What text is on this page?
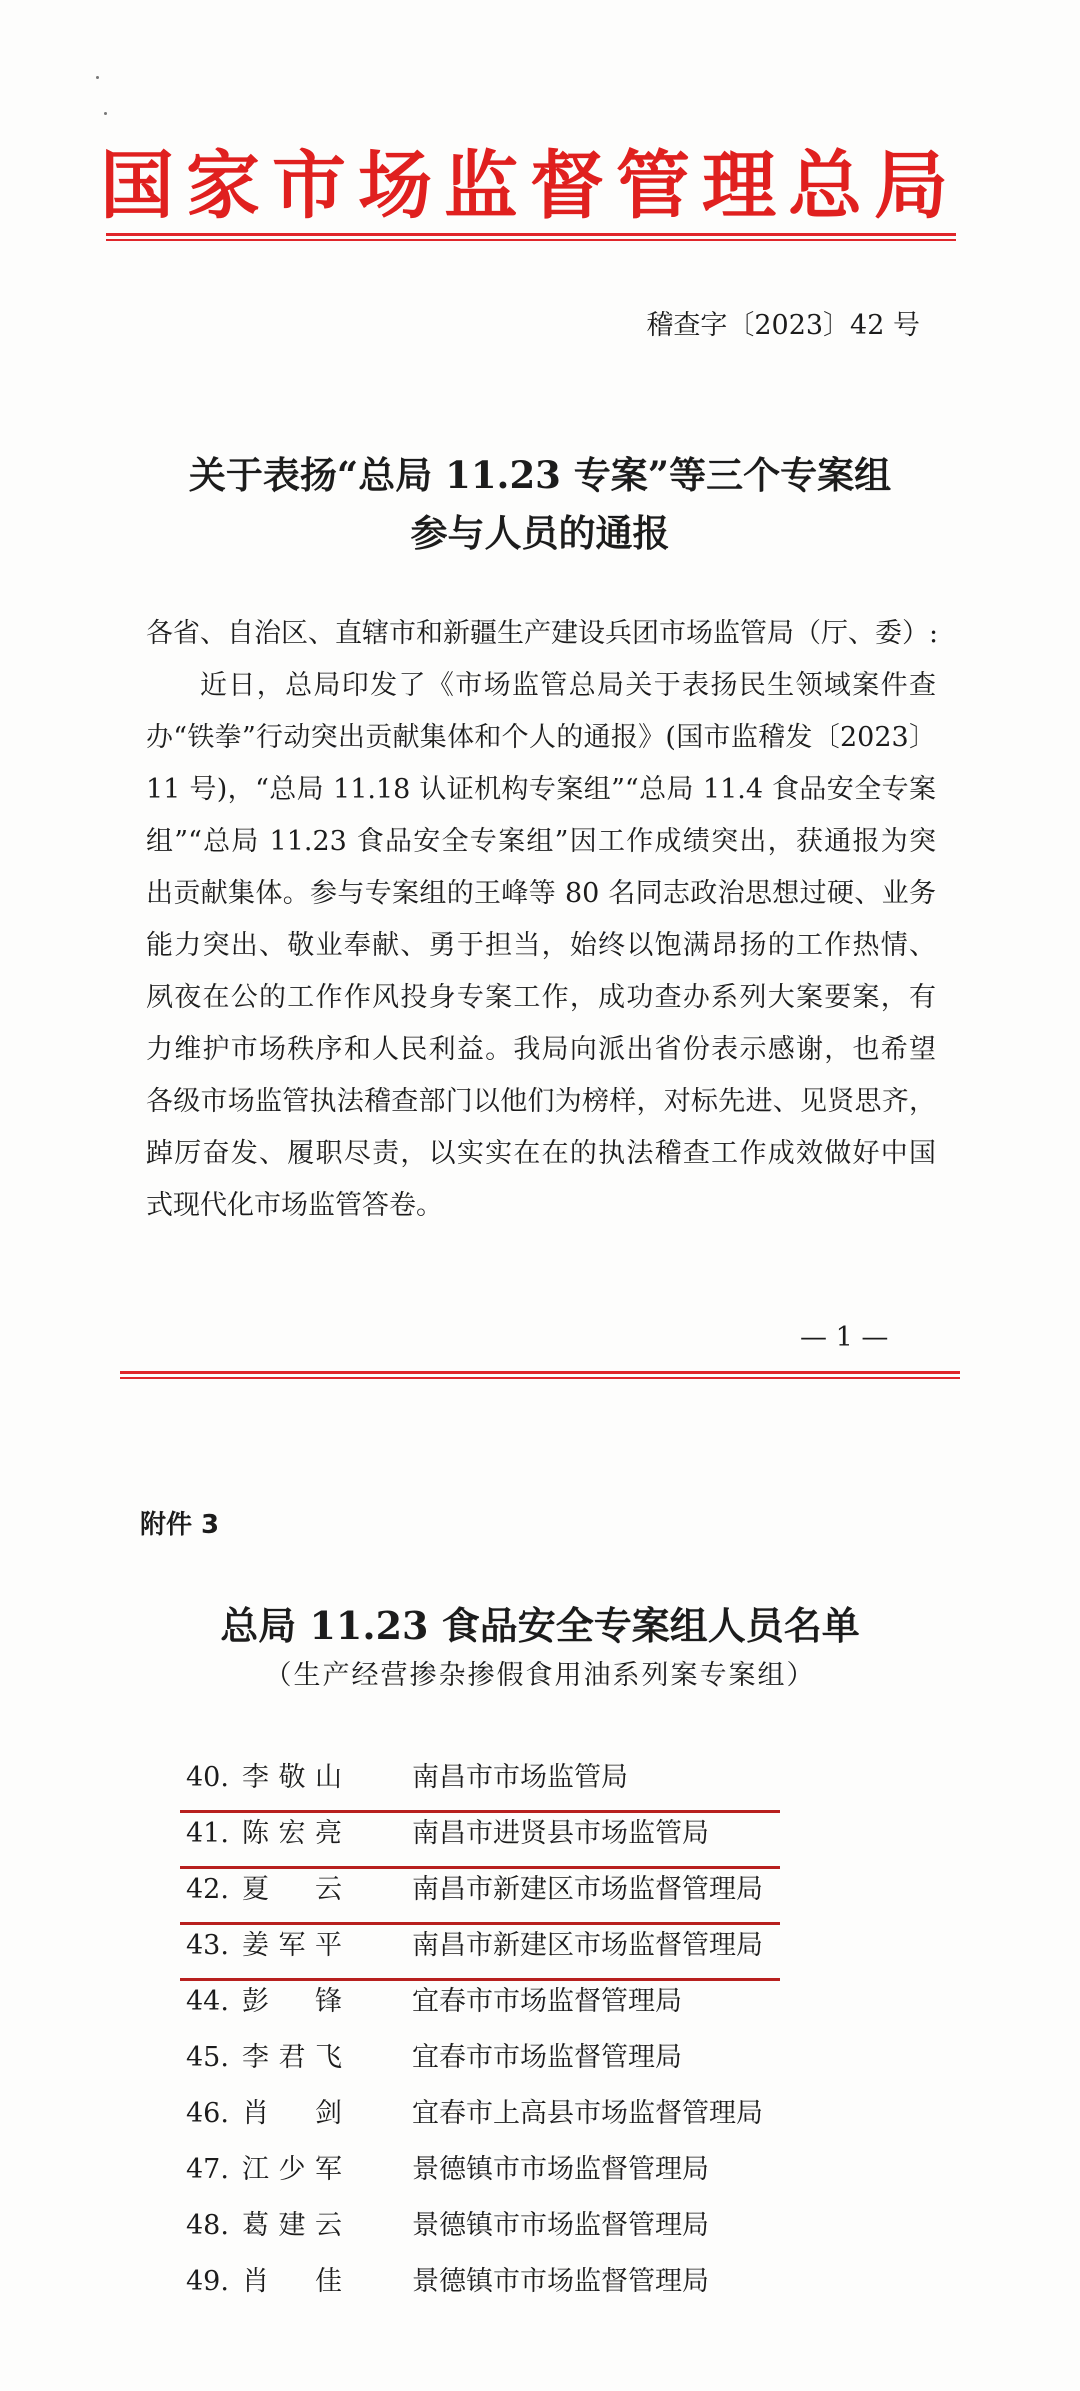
国家市场监督管理总局
稽查字〔2023〕42 号
关于表扬“总局 11.23 专案”等三个专案组
参与人员的通报
各省、自治区、直辖市和新疆生产建设兵团市场监管局（厅、委）:
近日，总局印发了《市场监管总局关于表扬民生领域案件查
办“铁拳”行动突出贡献集体和个人的通报》(国市监稽发〔2023〕
11 号)，“总局 11.18 认证机构专案组”“总局 11.4 食品安全专案
组”“总局 11.23 食品安全专案组”因工作成绩突出，获通报为突
出贡献集体。参与专案组的王峰等 80 名同志政治思想过硬、业务
能力突出、敬业奉献、勇于担当，始终以饱满昂扬的工作热情、
夙夜在公的工作作风投身专案工作，成功查办系列大案要案，有
力维护市场秩序和人民利益。我局向派出省份表示感谢，也希望
各级市场监管执法稽查部门以他们为榜样，对标先进、见贤思齐，
踔厉奋发、履职尽责，以实实在在的执法稽查工作成效做好中国
式现代化市场监管答卷。
— 1 —
附件 3
总局 11.23 食品安全专案组人员名单
（生产经营掺杂掺假食用油系列案专案组）
40. 李敬山	南昌市市场监管局
41. 陈宏亮	南昌市进贤县市场监管局
42. 夏 云	南昌市新建区市场监督管理局
43. 姜军平	南昌市新建区市场监督管理局
44. 彭 锋	宜春市市场监督管理局
45. 李君飞	宜春市市场监督管理局
46. 肖 剑	宜春市上高县市场监督管理局
47. 江少军	景德镇市市场监督管理局
48. 葛建云	景德镇市市场监督管理局
49. 肖 佳	景德镇市市场监督管理局
